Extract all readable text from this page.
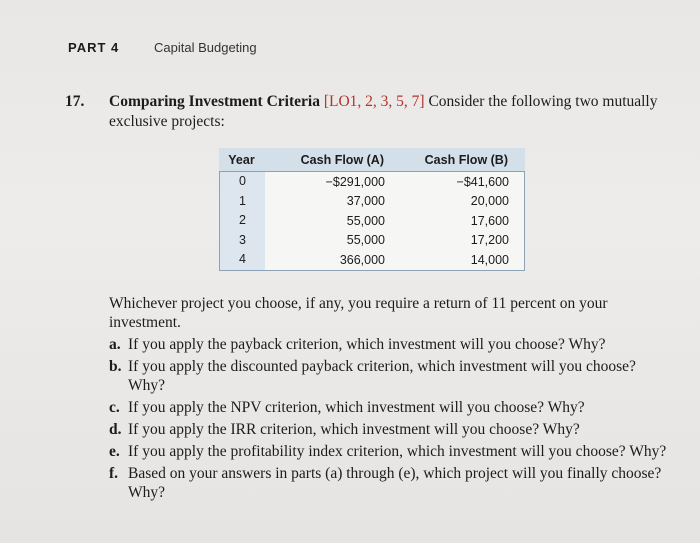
PART 4	Capital Budgeting
17. Comparing Investment Criteria [LO1, 2, 3, 5, 7] Consider the following two mutually exclusive projects:
Year	Cash Flow (A)	Cash Flow (B)
0	−$291,000	−$41,600
1	37,000	20,000
2	55,000	17,600
3	55,000	17,200
4	366,000	14,000

Whichever project you choose, if any, you require a return of 11 percent on your investment.

a. If you apply the payback criterion, which investment will you choose? Why?
b. If you apply the discounted payback criterion, which investment will you choose? Why?
c. If you apply the NPV criterion, which investment will you choose? Why?
d. If you apply the IRR criterion, which investment will you choose? Why?
e. If you apply the profitability index criterion, which investment will you choose? Why?
f. Based on your answers in parts (a) through (e), which project will you finally choose? Why?
